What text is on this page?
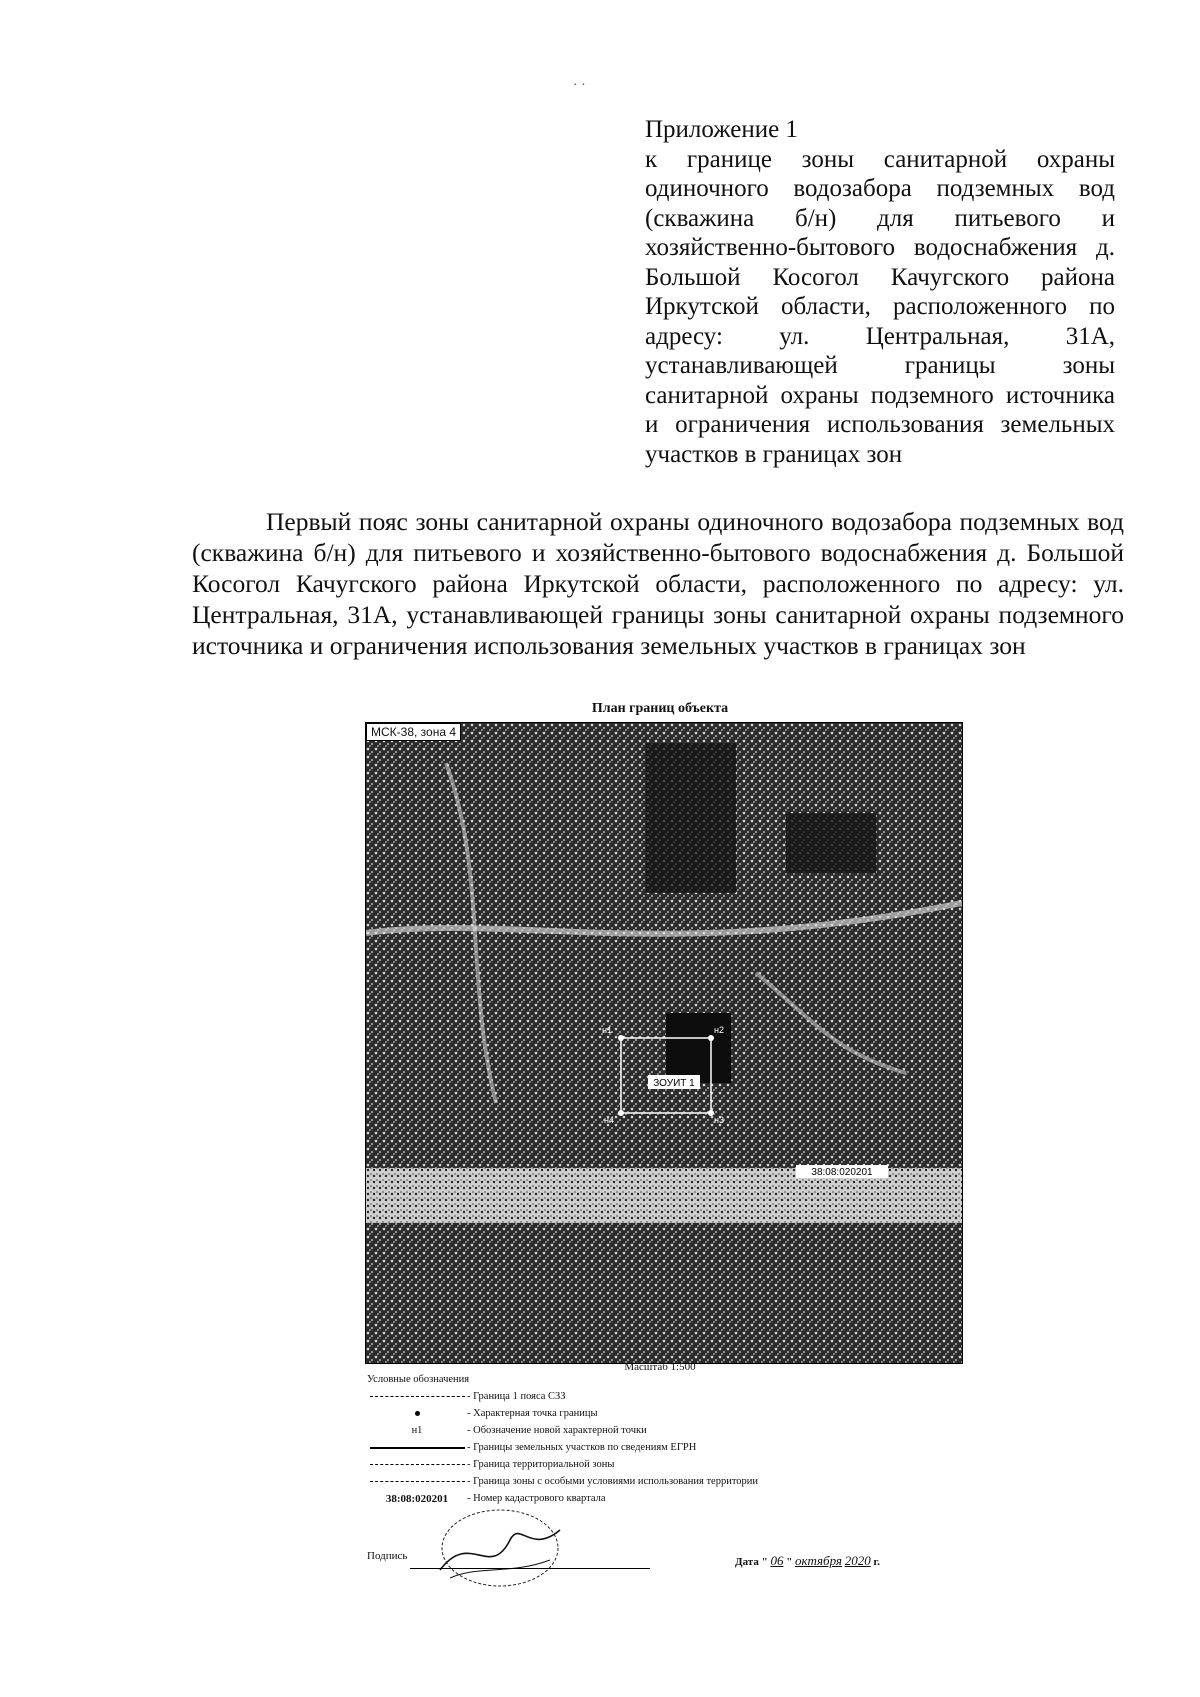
· ·
Приложение 1
к границе зоны санитарной охраны одиночного водозабора подземных вод (скважина б/н) для питьевого и хозяйственно-бытового водоснабжения д. Большой Косогол Качугского района Иркутской области, расположенного по адресу: ул. Центральная, 31А, устанавливающей границы зоны санитарной охраны подземного источника и ограничения использования земельных участков в границах зон
Первый пояс зоны санитарной охраны одиночного водозабора подземных вод (скважина б/н) для питьевого и хозяйственно-бытового водоснабжения д. Большой Косогол Качугского района Иркутской области, расположенного по адресу: ул. Центральная, 31А, устанавливающей границы зоны санитарной охраны подземного источника и ограничения использования земельных участков в границах зон
План границ объекта
ЗОУИТ 1
н1	н2
н3
н4
38:08:020201
МСК-38, зона 4
Масштаб 1:500
Условные обозначения
- Граница 1 пояса СЗЗ
- Характерная точка границы
н1	- Обозначение новой характерной точки
- Границы земельных участков по сведениям ЕГРН
- Граница территориальной зоны
- Граница зоны с особыми условиями использования территории
38:08:020201	- Номер кадастрового квартала
Подпись	Дата " 06 " октября 2020 г.
